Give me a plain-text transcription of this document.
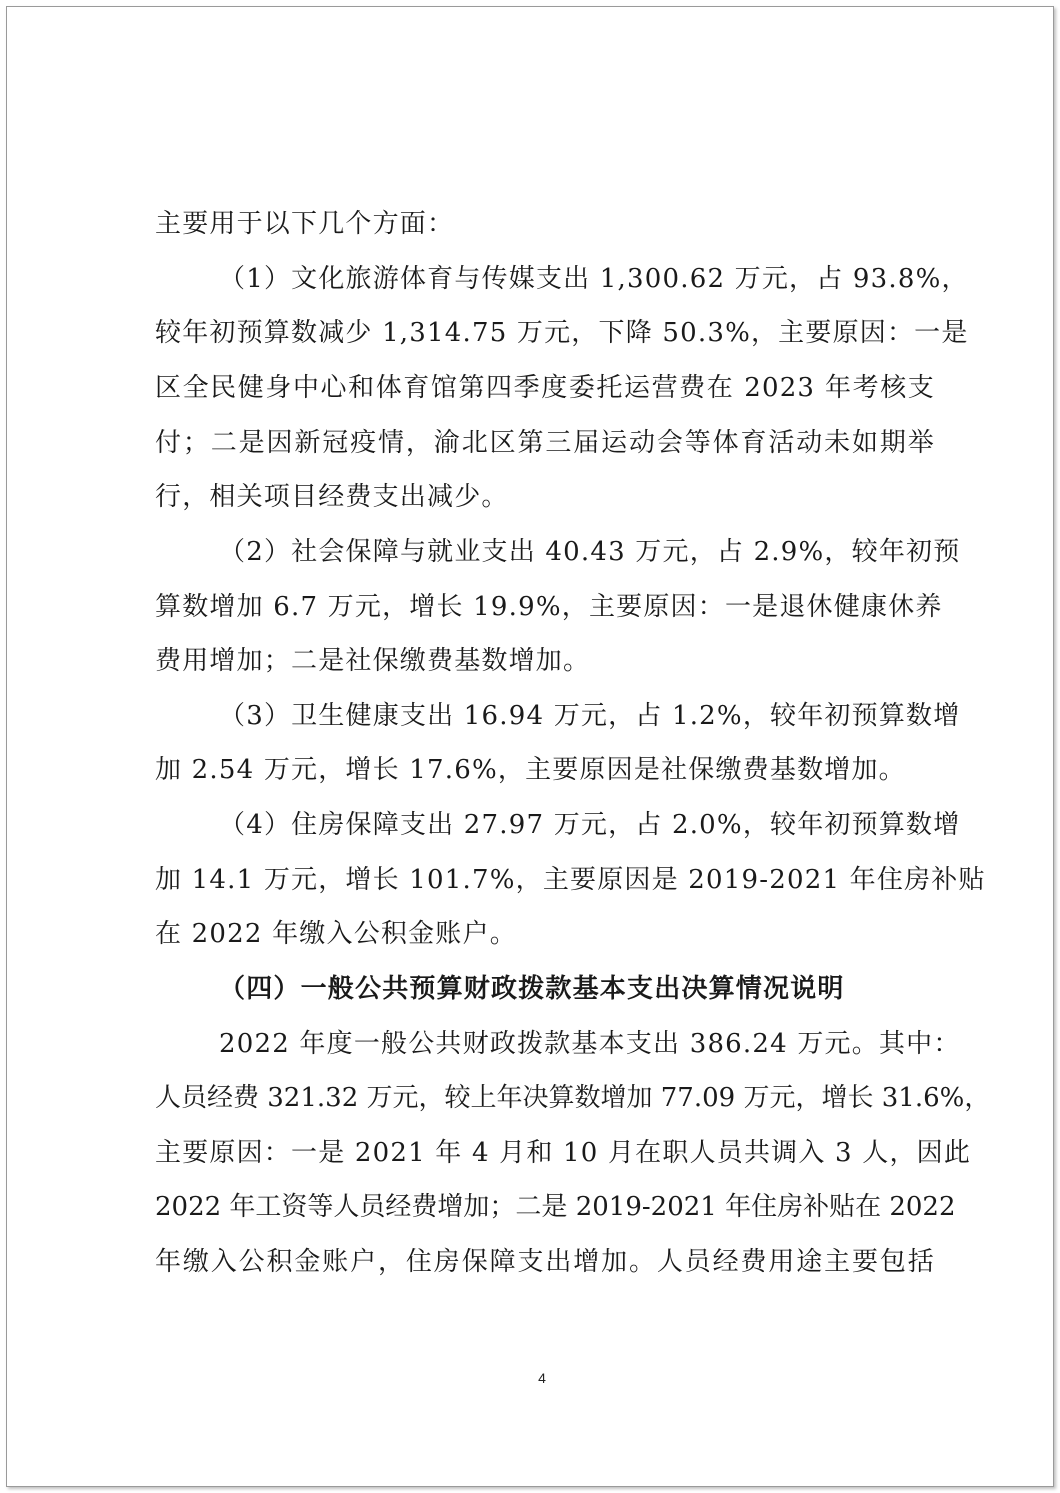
主要用于以下几个方面：
（1）文化旅游体育与传媒支出 1,300.62 万元，占 93.8%，
较年初预算数减少 1,314.75 万元，下降 50.3%，主要原因：一是
区全民健身中心和体育馆第四季度委托运营费在 2023 年考核支
付；二是因新冠疫情，渝北区第三届运动会等体育活动未如期举
行，相关项目经费支出减少。
（2）社会保障与就业支出 40.43 万元，占 2.9%，较年初预
算数增加 6.7 万元，增长 19.9%，主要原因：一是退休健康休养
费用增加；二是社保缴费基数增加。
（3）卫生健康支出 16.94 万元，占 1.2%，较年初预算数增
加 2.54 万元，增长 17.6%，主要原因是社保缴费基数增加。
（4）住房保障支出 27.97 万元，占 2.0%，较年初预算数增
加 14.1 万元，增长 101.7%，主要原因是 2019-2021 年住房补贴
在 2022 年缴入公积金账户。
（四）一般公共预算财政拨款基本支出决算情况说明
2022 年度一般公共财政拨款基本支出 386.24 万元。其中：
人员经费 321.32 万元，较上年决算数增加 77.09 万元，增长 31.6%，
主要原因：一是 2021 年 4 月和 10 月在职人员共调入 3 人，因此
2022 年工资等人员经费增加；二是 2019-2021 年住房补贴在 2022
年缴入公积金账户，住房保障支出增加。人员经费用途主要包括
4
